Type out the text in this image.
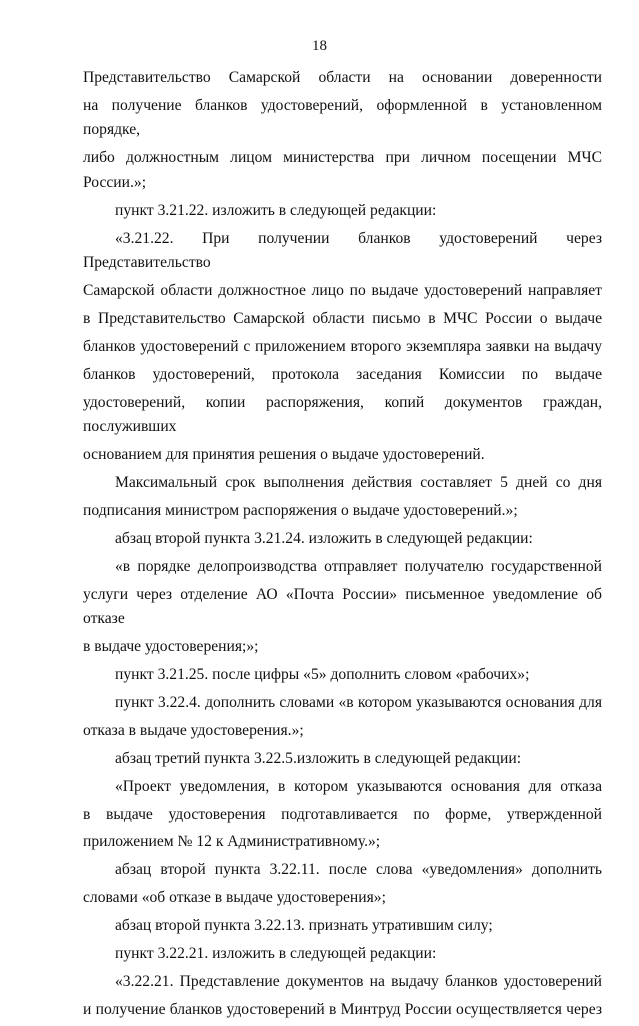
18

Представительство Самарской области на основании доверенности

на получение бланков удостоверений, оформленной в установленном порядке,

либо должностным лицом министерства при личном посещении МЧС России.»;

пункт 3.21.22. изложить в следующей редакции:

«3.21.22. При получении бланков удостоверений через Представительство

Самарской области должностное лицо по выдаче удостоверений направляет

в Представительство Самарской области письмо в МЧС России о выдаче

бланков удостоверений с приложением второго экземпляра заявки на выдачу

бланков удостоверений, протокола заседания Комиссии по выдаче

удостоверений, копии распоряжения, копий документов граждан, послуживших

основанием для принятия решения о выдаче удостоверений.

Максимальный срок выполнения действия составляет 5 дней со дня

подписания министром распоряжения о выдаче удостоверений.»;

абзац второй пункта 3.21.24. изложить в следующей редакции:

«в порядке делопроизводства отправляет получателю государственной

услуги через отделение АО «Почта России» письменное уведомление об отказе

в выдаче удостоверения;»;

пункт 3.21.25. после цифры «5» дополнить словом «рабочих»;

пункт 3.22.4. дополнить словами «в котором указываются основания для

отказа в выдаче удостоверения.»;

абзац третий пункта 3.22.5.изложить в следующей редакции:

«Проект уведомления, в котором указываются основания для отказа

в выдаче удостоверения подготавливается по форме, утвержденной

приложением № 12 к Административному.»;

абзац второй пункта 3.22.11. после слова «уведомления» дополнить

словами «об отказе в выдаче удостоверения»;

абзац второй пункта 3.22.13. признать утратившим силу;

пункт 3.22.21. изложить в следующей редакции:

«3.22.21. Представление документов на выдачу бланков удостоверений

и получение бланков удостоверений в Минтруд России осуществляется через
